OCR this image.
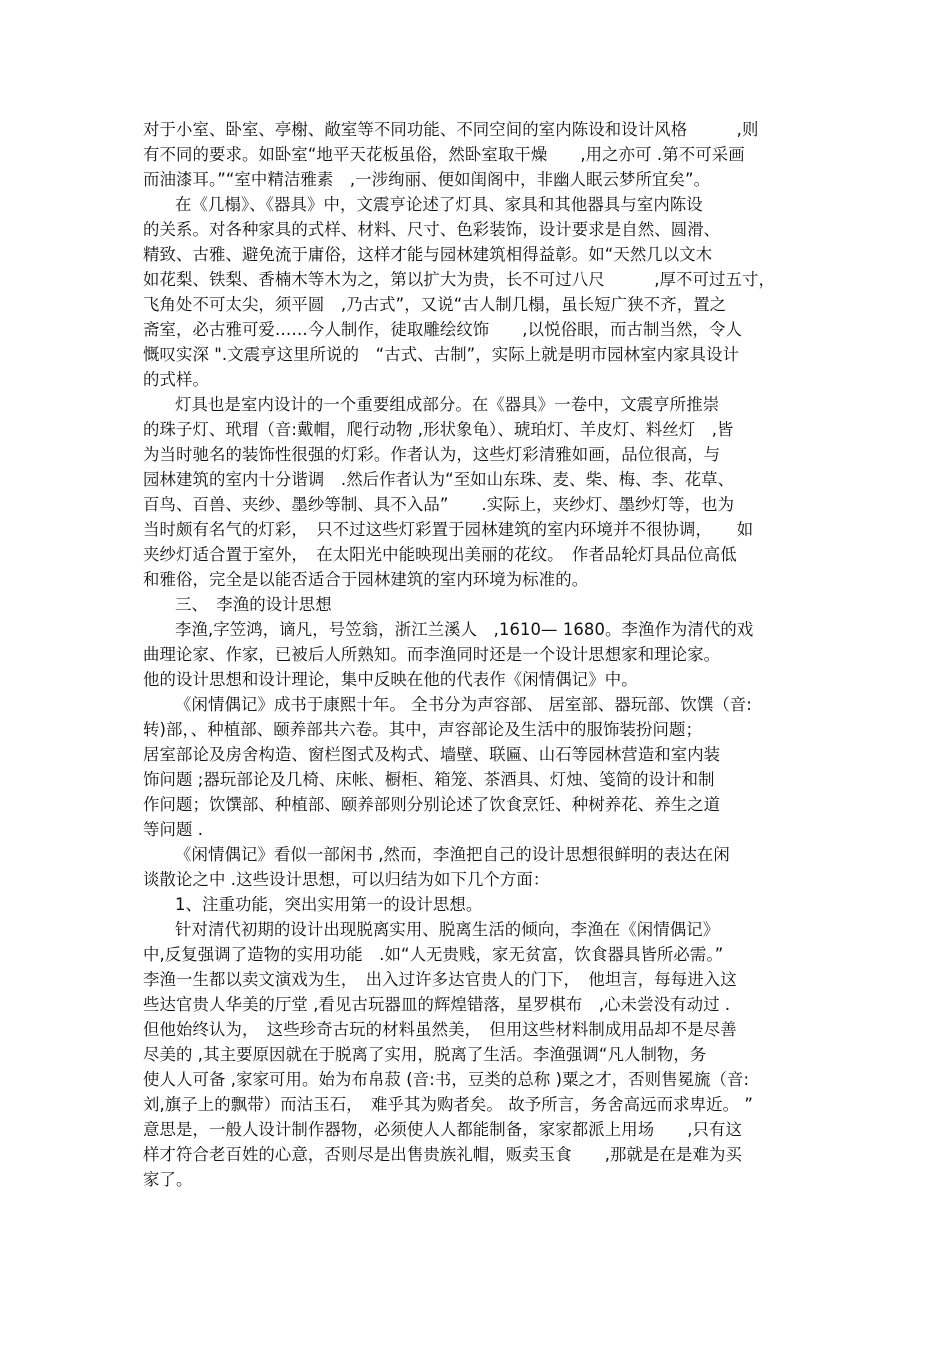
对于小室、卧室、亭榭、敞室等不同功能、不同空间的室内陈设和设计风格　　　,则
有不同的要求。如卧室“地平天花板虽俗，然卧室取干燥　　,用之亦可 .第不可采画
而油漆耳。”“室中精洁雅素　,一涉绚丽、便如闺阁中，非幽人眠云梦所宜矣”。
在《几榻》、《器具》中，文震亨论述了灯具、家具和其他器具与室内陈设
的关系。对各种家具的式样、材料、尺寸、色彩装饰，设计要求是自然、圆滑、
精致、古雅、避免流于庸俗，这样才能与园林建筑相得益彰。如“天然几以文木
如花梨、铁梨、香楠木等木为之，第以扩大为贵，长不可过八尺　　　,厚不可过五寸，
飞角处不可太尖，须平圆　,乃古式”，又说“古人制几榻，虽长短广狭不齐，置之
斋室，必古雅可爱……今人制作，徒取雕绘纹饰　　,以悦俗眼，而古制当然，令人
慨叹实深 ".文震亨这里所说的　“古式、古制”，实际上就是明市园林室内家具设计
的式样。
灯具也是室内设计的一个重要组成部分。在《器具》一卷中，文震亨所推崇
的珠子灯、玳瑁（音:戴帽，爬行动物 ,形状象龟）、琥珀灯、羊皮灯、料丝灯　,皆
为当时驰名的装饰性很强的灯彩。作者认为，这些灯彩清雅如画，品位很高，与
园林建筑的室内十分谐调　.然后作者认为“至如山东珠、麦、柴、梅、李、花草、
百鸟、百兽、夹纱、墨纱等制、具不入品”　　.实际上，夹纱灯、墨纱灯等，也为
当时颇有名气的灯彩，　只不过这些灯彩置于园林建筑的室内环境并不很协调，　　如
夹纱灯适合置于室外，　在太阳光中能映现出美丽的花纹。　作者品轮灯具品位高低
和雅俗，完全是以能否适合于园林建筑的室内环境为标准的。
三、　李渔的设计思想
李渔,字笠鸿，谪凡，号笠翁，浙江兰溪人　,1610— 1680。李渔作为清代的戏
曲理论家、作家，已被后人所熟知。而李渔同时还是一个设计思想家和理论家。
他的设计思想和设计理论，集中反映在他的代表作《闲情偶记》中。
《闲情偶记》成书于康熙十年。 全书分为声容部、 居室部、器玩部、饮馔（音:
转)部，、种植部、颐养部共六卷。其中，声容部论及生活中的服饰装扮问题；
居室部论及房舍构造、窗栏图式及构式、墙壁、联匾、山石等园林营造和室内装
饰问题 ;器玩部论及几椅、床帐、橱柜、箱笼、茶酒具、灯烛、笺简的设计和制
作问题；饮馔部、种植部、颐养部则分别论述了饮食烹饪、种树养花、养生之道
等问题 .
《闲情偶记》看似一部闲书 ,然而，李渔把自己的设计思想很鲜明的表达在闲
谈散论之中 .这些设计思想，可以归结为如下几个方面：
1、注重功能，突出实用第一的设计思想。
针对清代初期的设计出现脱离实用、脱离生活的倾向，李渔在《闲情偶记》
中,反复强调了造物的实用功能　.如“人无贵贱，家无贫富，饮食器具皆所必需。”
李渔一生都以卖文演戏为生，　出入过许多达官贵人的门下，　他坦言，每每进入这
些达官贵人华美的厅堂 ,看见古玩器皿的辉煌错落，星罗棋布　,心未尝没有动过 .
但他始终认为，　这些珍奇古玩的材料虽然美，　但用这些材料制成用品却不是尽善
尽美的 ,其主要原因就在于脱离了实用，脱离了生活。李渔强调“凡人制物，务
使人人可备 ,家家可用。始为布帛菽 (音:书，豆类的总称 )粟之才，否则售冕旒（音:
刘,旗子上的飘带）而沽玉石，　难乎其为购者矣。 故予所言，务舍高远而求卑近。 ”
意思是，一般人设计制作器物，必须使人人都能制备，家家都派上用场　　,只有这
样才符合老百姓的心意，否则尽是出售贵族礼帽，贩卖玉食　　,那就是在是难为买
家了。
